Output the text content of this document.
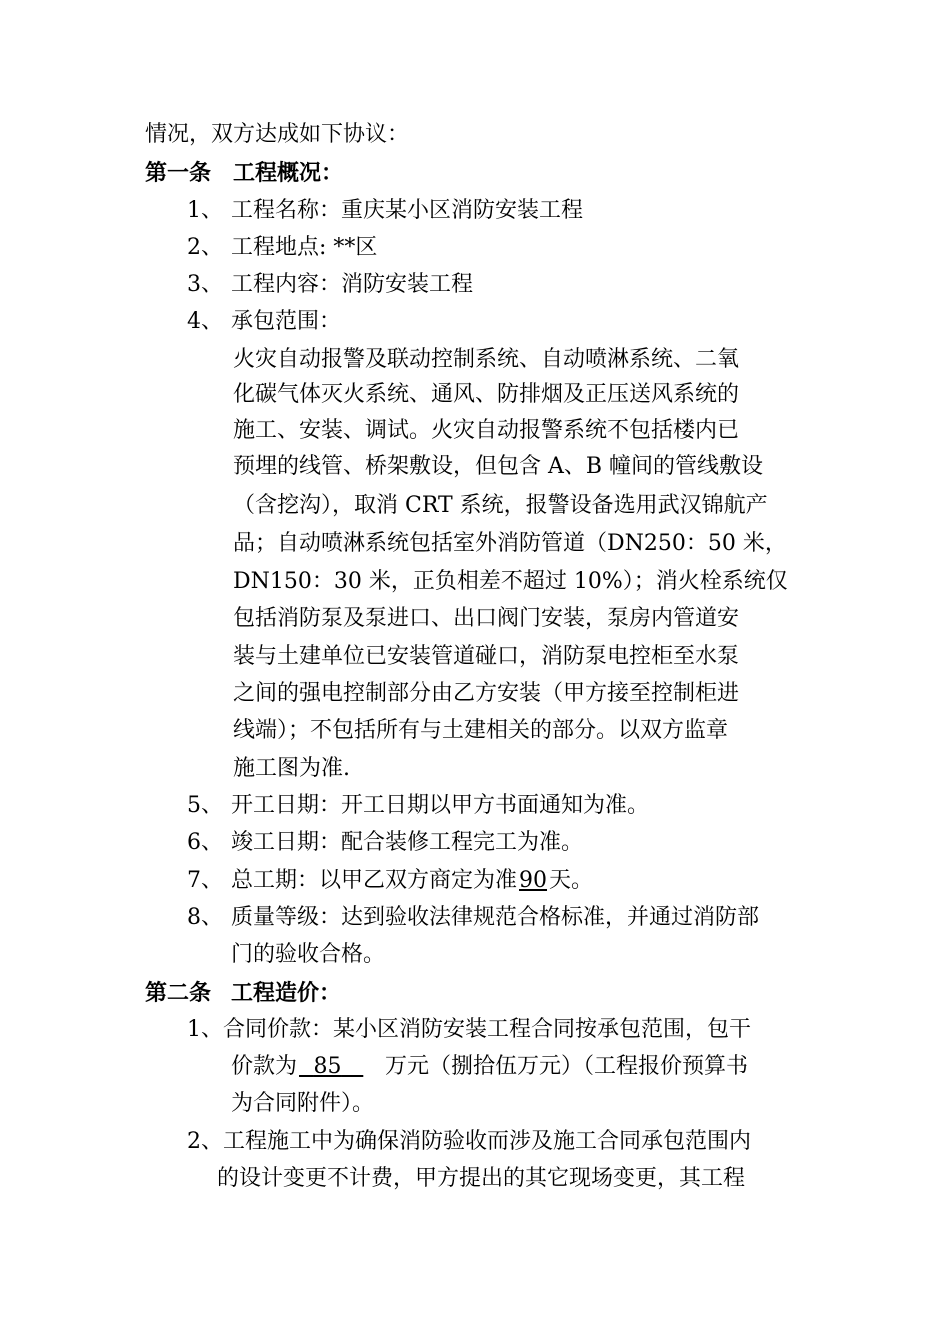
情况，双方达成如下协议：
第一条 工程概况：
1、 工程名称：重庆某小区消防安装工程
2、 工程地点: **区
3、 工程内容：消防安装工程
4、 承包范围：
火灾自动报警及联动控制系统、自动喷淋系统、二氧
化碳气体灭火系统、通风、防排烟及正压送风系统的
施工、安装、调试。火灾自动报警系统不包括楼内已
预埋的线管、桥架敷设，但包含 A、B 幢间的管线敷设
（含挖沟），取消 CRT 系统，报警设备选用武汉锦航产
品；自动喷淋系统包括室外消防管道（DN250：50 米，
DN150：30 米，正负相差不超过 10%）；消火栓系统仅
包括消防泵及泵进口、出口阀门安装，泵房内管道安
装与土建单位已安装管道碰口，消防泵电控柜至水泵
之间的强电控制部分由乙方安装（甲方接至控制柜进
线端）；不包括所有与土建相关的部分。以双方监章
施工图为准.
5、 开工日期：开工日期以甲方书面通知为准。
6、 竣工日期：配合装修工程完工为准。
7、 总工期：以甲乙双方商定为准90天。
8、 质量等级：达到验收法律规范合格标准，并通过消防部
门的验收合格。
第二条 工程造价：
1、合同价款：某小区消防安装工程合同按承包范围，包干
价款为   85    万元（捌拾伍万元）（工程报价预算书
为合同附件）。
2、工程施工中为确保消防验收而涉及施工合同承包范围内
的设计变更不计费，甲方提出的其它现场变更，其工程
